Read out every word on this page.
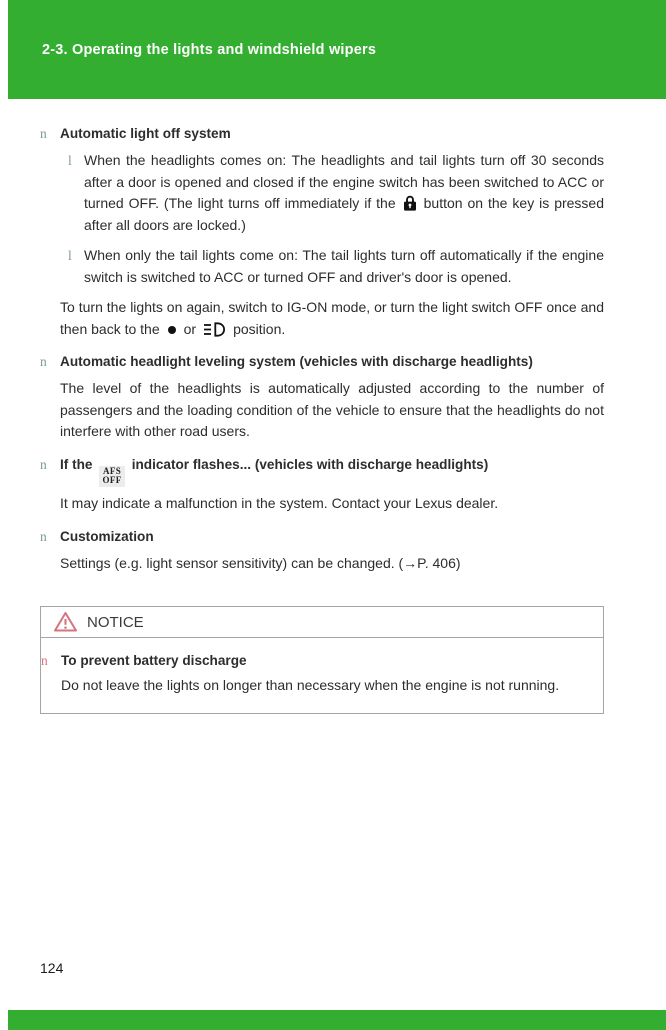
2-3. Operating the lights and windshield wipers
n Automatic light off system
l When the headlights comes on: The headlights and tail lights turn off 30 seconds after a door is opened and closed if the engine switch has been switched to ACC or turned OFF. (The light turns off immediately if the button on the key is pressed after all doors are locked.)
l When only the tail lights come on: The tail lights turn off automatically if the engine switch is switched to ACC or turned OFF and driver's door is opened.

To turn the lights on again, switch to IG-ON mode, or turn the light switch OFF once and then back to the or	position.

n Automatic headlight leveling system (vehicles with discharge headlights)

The level of the headlights is automatically adjusted according to the number of passengers and the loading condition of the vehicle to ensure that the headlights do not interfere with other road users.

n If the AFS
OFF
indicator flashes... (vehicles with discharge headlights)

It may indicate a malfunction in the system. Contact your Lexus dealer.

n Customization

Settings (e.g. light sensor sensitivity) can be changed. (→P. 406)

NOTICE
n To prevent battery discharge

Do not leave the lights on longer than necessary when the engine is not running.

124
